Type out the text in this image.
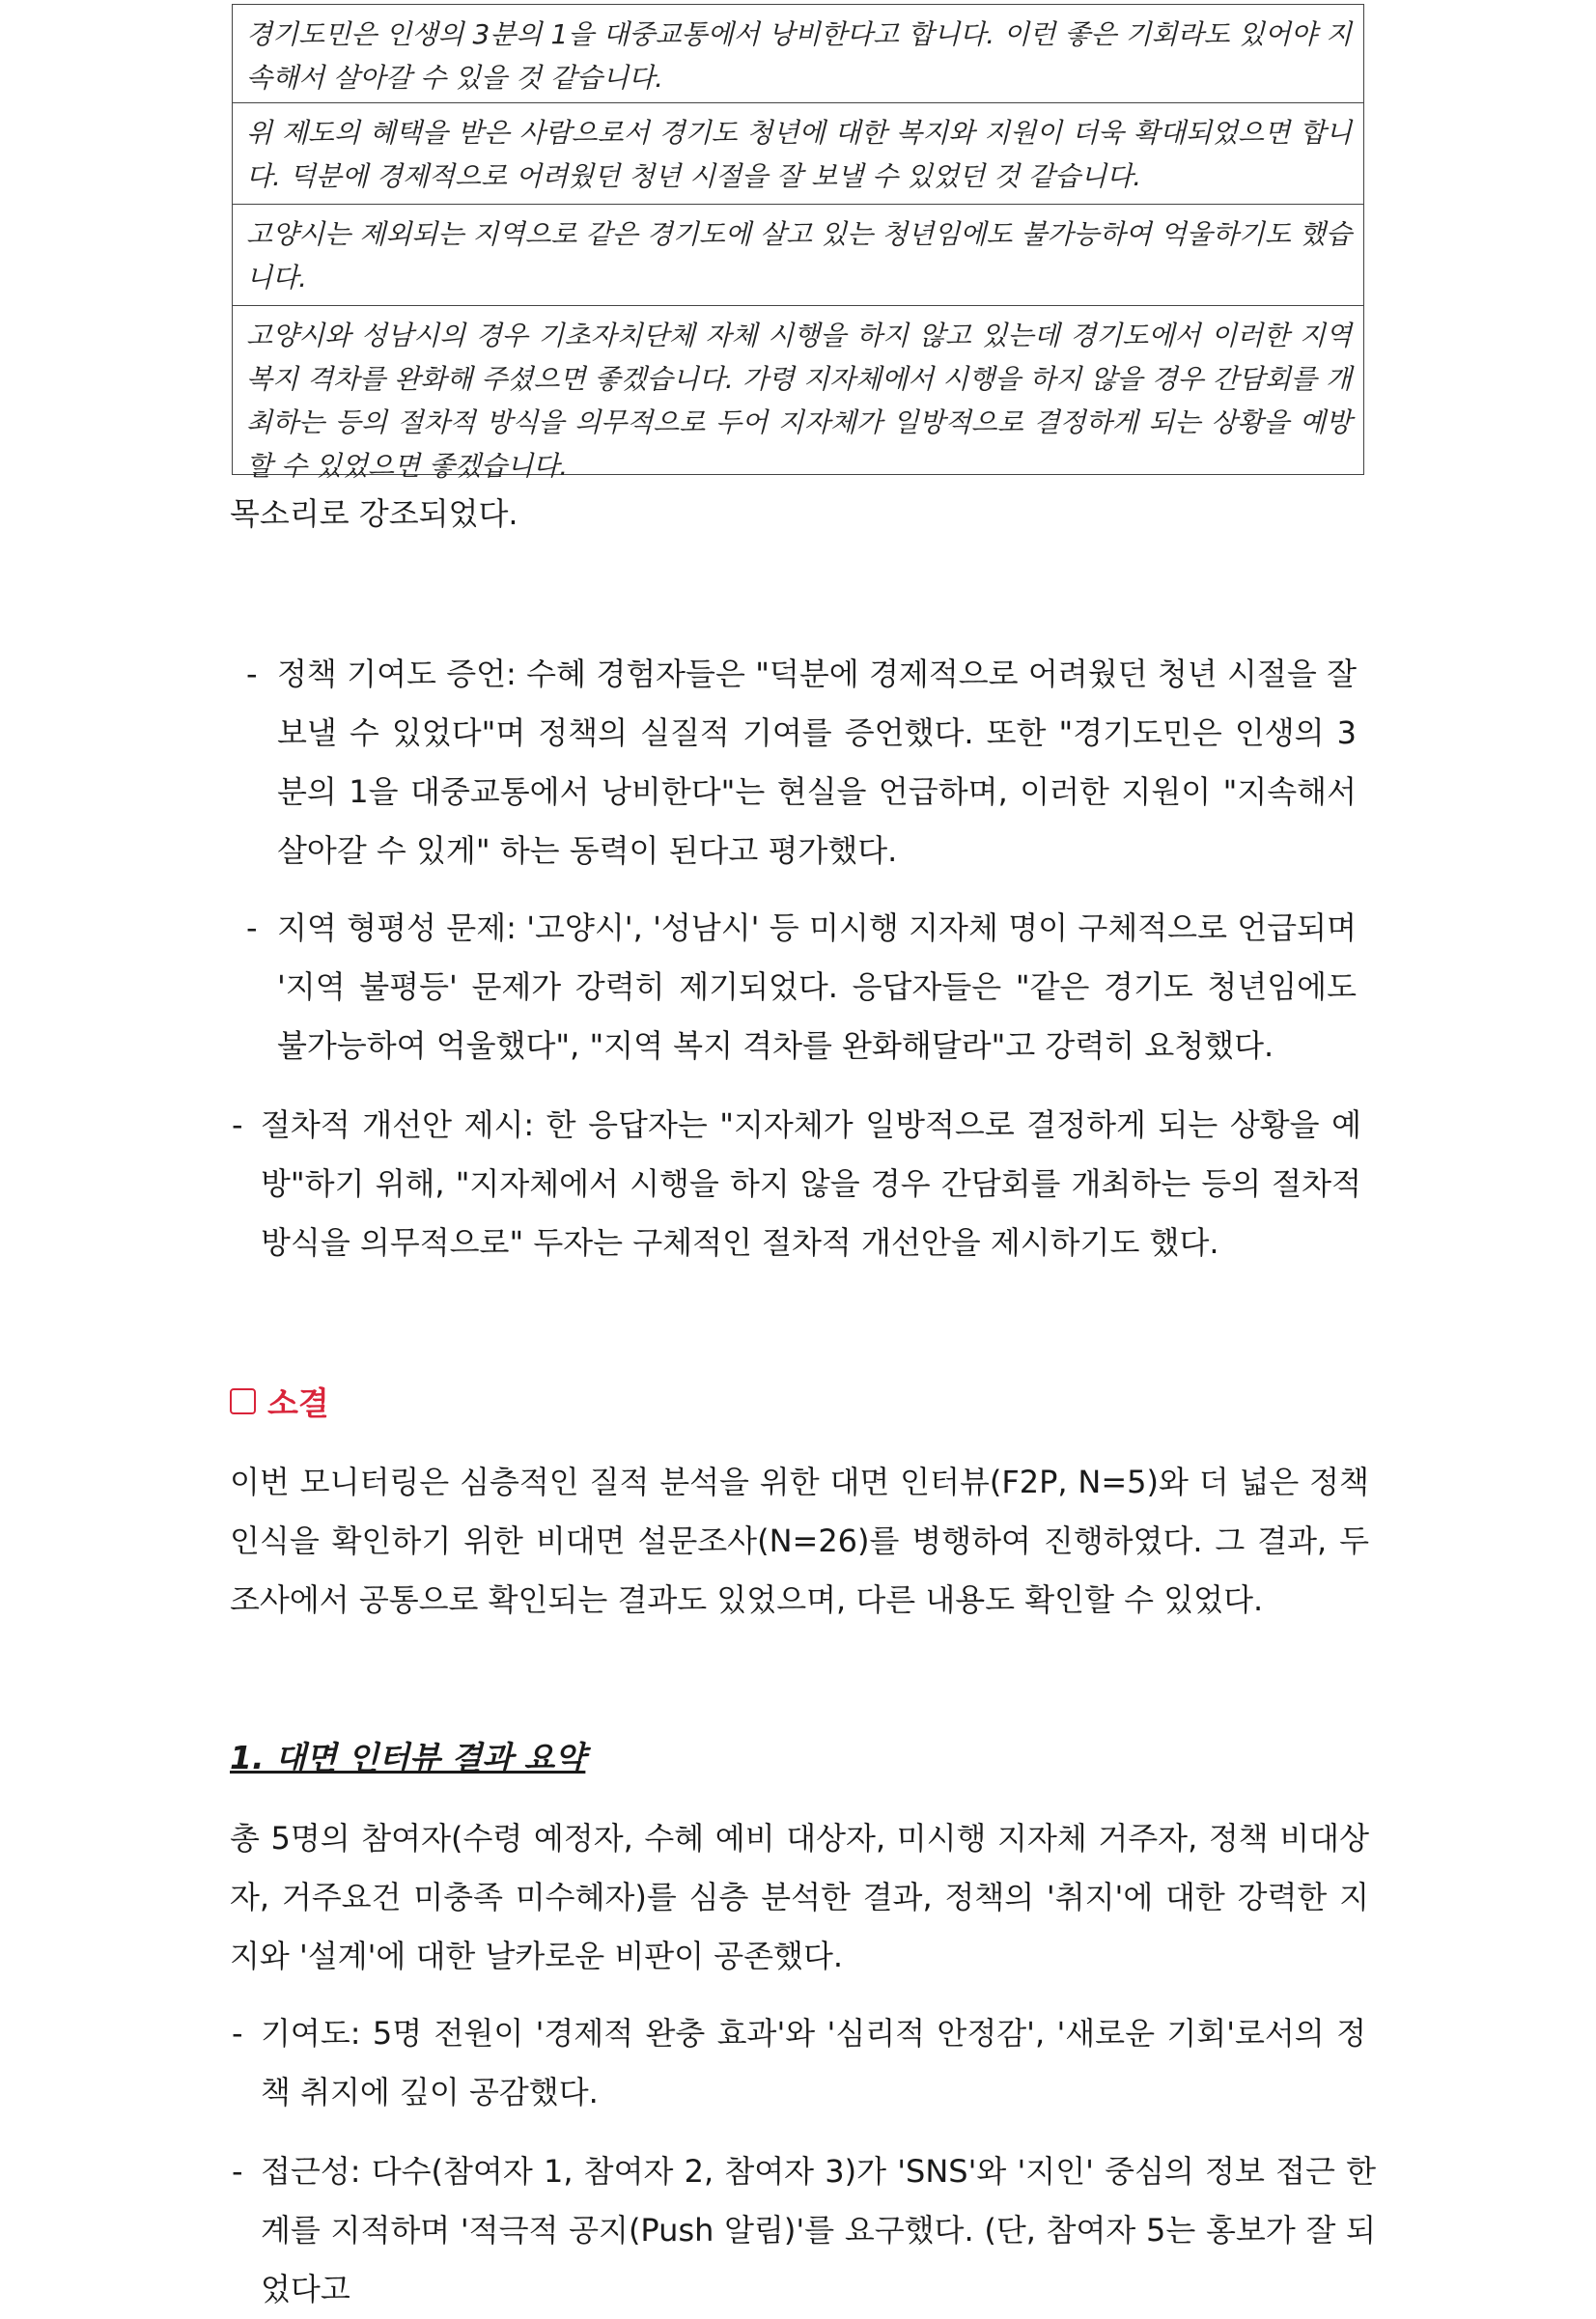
경기도민은 인생의 3분의 1을 대중교통에서 낭비한다고 합니다. 이런 좋은 기회라도 있어야 지속해서 살아갈 수 있을 것 같습니다.
위 제도의 혜택을 받은 사람으로서 경기도 청년에 대한 복지와 지원이 더욱 확대되었으면 합니다. 덕분에 경제적으로 어려웠던 청년 시절을 잘 보낼 수 있었던 것 같습니다.
고양시는 제외되는 지역으로 같은 경기도에 살고 있는 청년임에도 불가능하여 억울하기도 했습니다.
고양시와 성남시의 경우 기초자치단체 자체 시행을 하지 않고 있는데 경기도에서 이러한 지역 복지 격차를 완화해 주셨으면 좋겠습니다. 가령 지자체에서 시행을 하지 않을 경우 간담회를 개최하는 등의 절차적 방식을 의무적으로 두어 지자체가 일방적으로 결정하게 되는 상황을 예방할 수 있었으면 좋겠습니다.
목소리로 강조되었다.
- 정책 기여도 증언: 수혜 경험자들은 "덕분에 경제적으로 어려웠던 청년 시절을 잘 보낼 수 있었다"며 정책의 실질적 기여를 증언했다. 또한 "경기도민은 인생의 3분의 1을 대중교통에서 낭비한다"는 현실을 언급하며, 이러한 지원이 "지속해서 살아갈 수 있게" 하는 동력이 된다고 평가했다.
- 지역 형평성 문제: '고양시', '성남시' 등 미시행 지자체 명이 구체적으로 언급되며 '지역 불평등' 문제가 강력히 제기되었다. 응답자들은 "같은 경기도 청년임에도 불가능하여 억울했다", "지역 복지 격차를 완화해달라"고 강력히 요청했다.
- 절차적 개선안 제시: 한 응답자는 "지자체가 일방적으로 결정하게 되는 상황을 예방"하기 위해, "지자체에서 시행을 하지 않을 경우 간담회를 개최하는 등의 절차적 방식을 의무적으로" 두자는 구체적인 절차적 개선안을 제시하기도 했다.
소결
이번 모니터링은 심층적인 질적 분석을 위한 대면 인터뷰(F2P, N=5)와 더 넓은 정책 인식을 확인하기 위한 비대면 설문조사(N=26)를 병행하여 진행하였다. 그 결과, 두 조사에서 공통으로 확인되는 결과도 있었으며, 다른 내용도 확인할 수 있었다.
1. 대면 인터뷰 결과 요약
총 5명의 참여자(수령 예정자, 수혜 예비 대상자, 미시행 지자체 거주자, 정책 비대상자, 거주요건 미충족 미수혜자)를 심층 분석한 결과, 정책의 '취지'에 대한 강력한 지지와 '설계'에 대한 날카로운 비판이 공존했다.
- 기여도: 5명 전원이 '경제적 완충 효과'와 '심리적 안정감', '새로운 기회'로서의 정책 취지에 깊이 공감했다.
- 접근성: 다수(참여자 1, 참여자 2, 참여자 3)가 'SNS'와 '지인' 중심의 정보 접근 한계를 지적하며 '적극적 공지(Push 알림)'를 요구했다. (단, 참여자 5는 홍보가 잘 되었다고
